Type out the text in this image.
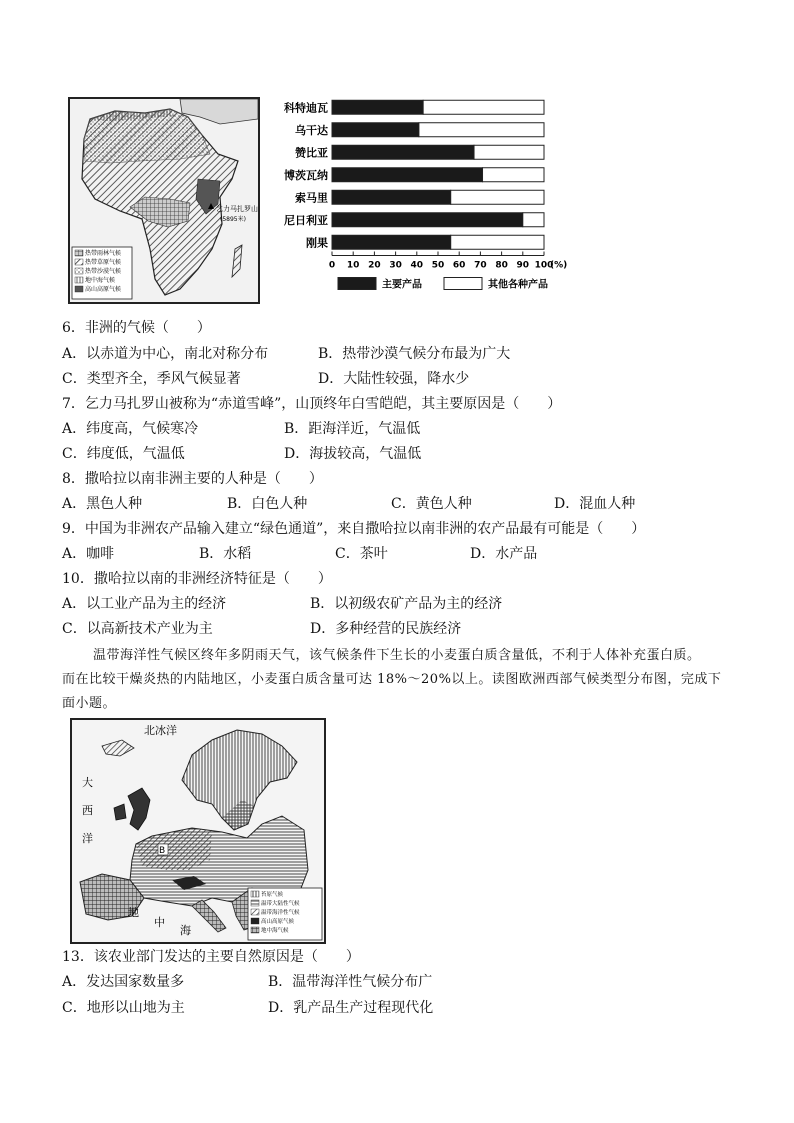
乞力马扎罗山
(5895米)
热带雨林气候
热带草原气候
热带沙漠气候
地中海气候
高山高原气候
科特迪瓦
乌干达
赞比亚
博茨瓦纳
索马里
尼日利亚
刚果
0 10 20 30 40 50 60 70 80 90 100
(%)
主要产品	其他各种产品
6．非洲的气候（　　）
A．以赤道为中心，南北对称分布	B．热带沙漠气候分布最为广大
C．类型齐全，季风气候显著	D．大陆性较强，降水少
7．乞力马扎罗山被称为“赤道雪峰”，山顶终年白雪皑皑，其主要原因是（　　）
A．纬度高，气候寒冷	B．距海洋近，气温低
C．纬度低，气温低	D．海拔较高，气温低
8．撒哈拉以南非洲主要的人种是（　　）
A．黑色人种	B．白色人种	C．黄色人种	D．混血人种
9．中国为非洲农产品输入建立“绿色通道”，来自撒哈拉以南非洲的农产品最有可能是（　　）
A．咖啡	B．水稻	C．茶叶	D．水产品
10．撒哈拉以南的非洲经济特征是（　　）
A．以工业产品为主的经济	B．以初级农矿产品为主的经济
C．以高新技术产业为主	D．多种经营的民族经济
温带海洋性气候区终年多阴雨天气，该气候条件下生长的小麦蛋白质含量低，不利于人体补充蛋白质。
而在比较干燥炎热的内陆地区，小麦蛋白质含量可达 18%～20%以上。读图欧洲西部气候类型分布图，完成下
面小题。
北冰洋
大
西
洋
地
中
海
B
苔原气候
温带大陆性气候
温带海洋性气候
高山高原气候
地中海气候
13．该农业部门发达的主要自然原因是（　　）
A．发达国家数量多	B．温带海洋性气候分布广
C．地形以山地为主	D．乳产品生产过程现代化
